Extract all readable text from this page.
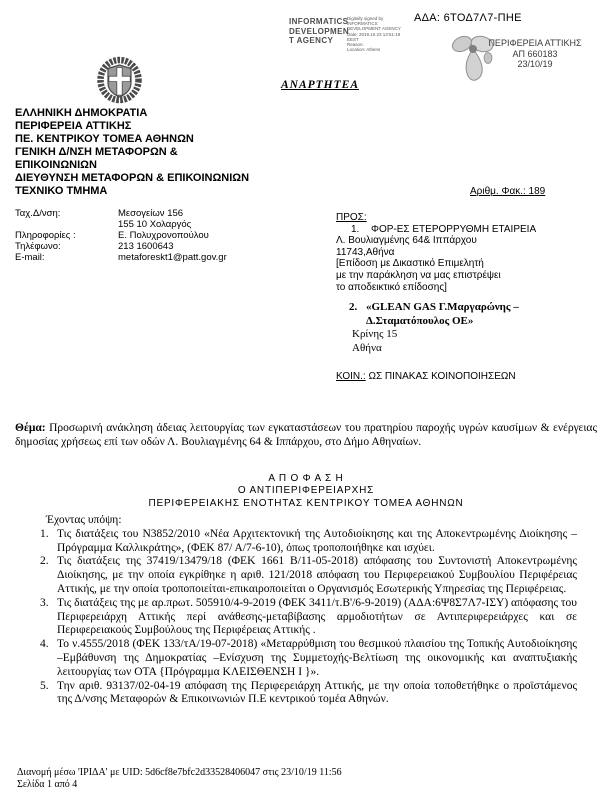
ΑΔΑ: 6ΤΟΔ7Λ7-ΠΗΕ
INFORMATICS
DEVELOPMEN
T AGENCY
Digitally signed by
INFORMATICS
DEVELOPMENT AGENCY
Date: 2019.10.23 13:51:19
EEST
Reason:
Location: Athens
ΠΕΡΙΦΕΡΕΙΑ ΑΤΤΙΚΗΣ
ΑΠ 660183
23/10/19
ΑΝΑΡΤΗΤΕΑ
ΕΛΛΗΝΙΚΗ ΔΗΜΟΚΡΑΤΙΑ
ΠΕΡΙΦΕΡΕΙΑ ΑΤΤΙΚΗΣ
ΠΕ. ΚΕΝΤΡΙΚΟΥ ΤΟΜΕΑ ΑΘΗΝΩΝ
ΓΕΝΙΚΗ Δ/ΝΣΗ ΜΕΤΑΦΟΡΩΝ &
ΕΠΙΚΟΙΝΩΝΙΩΝ
ΔΙΕΥΘΥΝΣΗ ΜΕΤΑΦΟΡΩΝ & ΕΠΙΚΟΙΝΩΝΙΩΝ
ΤΕΧΝΙΚΟ ΤΜΗΜΑ
Ταχ.Δ/νση:	Μεσογείων 156
155 10 Χολαργός
Πληροφορίες :	Ε. Πολυχρονοπούλου
Τηλέφωνο:	213 1600643
E-mail:	metaforeskt1@patt.gov.gr
Αριθμ. Φακ.: 189
ΠΡΟΣ:
1. ΦΟΡ-ΕΣ ΕΤΕΡΟΡΡΥΘΜΗ ΕΤΑΙΡΕΙΑ
Λ. Βουλιαγμένης 64& Ιππάρχου
11743,Αθήνα
[Επίδοση με Δικαστικό Επιμελητή
με την παράκληση να μας επιστρέψει
το αποδεικτικό επίδοσης]
2. «GLEAN GAS Γ.Μαργαρώνης –
Δ.Σταματόπουλος ΟΕ»
Κρίνης 15
Αθήνα
ΚΟΙΝ.: ΩΣ ΠΙΝΑΚΑΣ ΚΟΙΝΟΠΟΙΗΣΕΩΝ
Θέμα: Προσωρινή ανάκληση άδειας λειτουργίας των εγκαταστάσεων του πρατηρίου παροχής υγρών καυσίμων & ενέργειας δημοσίας χρήσεως επί των οδών Λ. Βουλιαγμένης 64 & Ιππάρχου, στο Δήμο Αθηναίων.
Α Π Ο Φ Α Σ Η
Ο ΑΝΤΙΠΕΡΙΦΕΡΕΙΑΡΧΗΣ
ΠΕΡΙΦΕΡΕΙΑΚΗΣ ΕΝΟΤΗΤΑΣ ΚΕΝΤΡΙΚΟΥ ΤΟΜΕΑ ΑΘΗΝΩΝ
Έχοντας υπόψη:
1. Τις διατάξεις του Ν3852/2010 «Νέα Αρχιτεκτονική της Αυτοδιοίκησης και της Αποκεντρωμένης Διοίκησης – Πρόγραμμα Καλλικράτης», (ΦΕΚ 87/ Α/7-6-10), όπως τροποποιήθηκε και ισχύει.
2. Τις διατάξεις της 37419/13479/18 (ΦΕΚ 1661 Β/11-05-2018) απόφασης του Συντονιστή Αποκεντρωμένης Διοίκησης, με την οποία εγκρίθηκε η αριθ. 121/2018 απόφαση του Περιφερειακού Συμβουλίου Περιφέρειας Αττικής, με την οποία τροποποιείται-επικαιροποιείται ο Οργανισμός Εσωτερικής Υπηρεσίας της Περιφέρειας.
3. Τις διατάξεις της με αρ.πρωτ. 505910/4-9-2019 (ΦΕΚ 3411/τ.Β'/6-9-2019) (ΑΔΑ:6Ψ8Σ7Λ7-ΙΣΥ) απόφασης του Περιφερειάρχη Αττικής περί ανάθεσης-μεταβίβασης αρμοδιοτήτων σε Αντιπεριφερειάρχες και σε Περιφερειακούς Συμβούλους της Περιφέρειας Αττικής .
4. Το ν.4555/2018 (ΦΕΚ 133/τΑ/19-07-2018) «Μεταρρύθμιση του θεσμικού πλαισίου της Τοπικής Αυτοδιοίκησης –Εμβάθυνση της Δημοκρατίας –Ενίσχυση της Συμμετοχής-Βελτίωση της οικονομικής και αναπτυξιακής λειτουργίας των ΟΤΑ {Πρόγραμμα ΚΛΕΙΣΘΕΝΣΗ Ι }».
5. Την αριθ. 93137/02-04-19 απόφαση της Περιφερειάρχη Αττικής, με την οποία τοποθετήθηκε ο προϊστάμενος της Δ/νσης Μεταφορών & Επικοινωνιών Π.Ε κεντρικού τομέα Αθηνών.
Διανομή μέσω 'ΙΡΙΔΑ' με UID: 5d6cf8e7bfc2d33528406047 στις 23/10/19 11:56
Σελίδα 1 από 4
